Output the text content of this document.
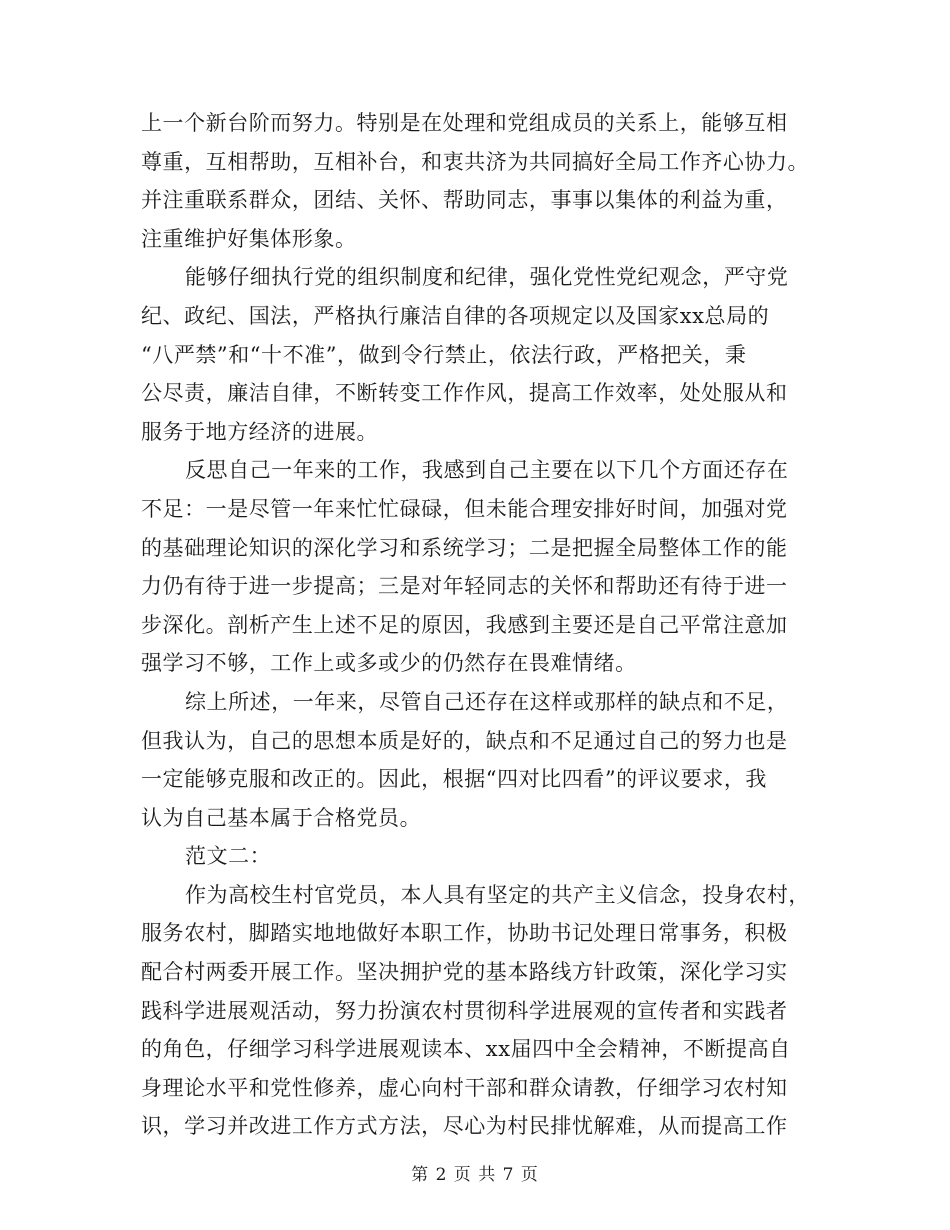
上一个新台阶而努力。特别是在处理和党组成员的关系上，能够互相
尊重，互相帮助，互相补台，和衷共济为共同搞好全局工作齐心协力。
并注重联系群众，团结、关怀、帮助同志，事事以集体的利益为重，
注重维护好集体形象。
能够仔细执行党的组织制度和纪律，强化党性党纪观念，严守党
纪、政纪、国法，严格执行廉洁自律的各项规定以及国家xx总局的
“八严禁”和“十不准”，做到令行禁止，依法行政，严格把关，秉
公尽责，廉洁自律，不断转变工作作风，提高工作效率，处处服从和
服务于地方经济的进展。
反思自己一年来的工作，我感到自己主要在以下几个方面还存在
不足：一是尽管一年来忙忙碌碌，但未能合理安排好时间，加强对党
的基础理论知识的深化学习和系统学习；二是把握全局整体工作的能
力仍有待于进一步提高；三是对年轻同志的关怀和帮助还有待于进一
步深化。剖析产生上述不足的原因，我感到主要还是自己平常注意加
强学习不够，工作上或多或少的仍然存在畏难情绪。
综上所述，一年来，尽管自己还存在这样或那样的缺点和不足，
但我认为，自己的思想本质是好的，缺点和不足通过自己的努力也是
一定能够克服和改正的。因此，根据“四对比四看”的评议要求，我
认为自己基本属于合格党员。
范文二：
作为高校生村官党员，本人具有坚定的共产主义信念，投身农村，
服务农村，脚踏实地地做好本职工作，协助书记处理日常事务，积极
配合村两委开展工作。坚决拥护党的基本路线方针政策，深化学习实
践科学进展观活动，努力扮演农村贯彻科学进展观的宣传者和实践者
的角色，仔细学习科学进展观读本、xx届四中全会精神，不断提高自
身理论水平和党性修养，虚心向村干部和群众请教，仔细学习农村知
识，学习并改进工作方式方法，尽心为村民排忧解难，从而提高工作
第 2 页 共 7 页
